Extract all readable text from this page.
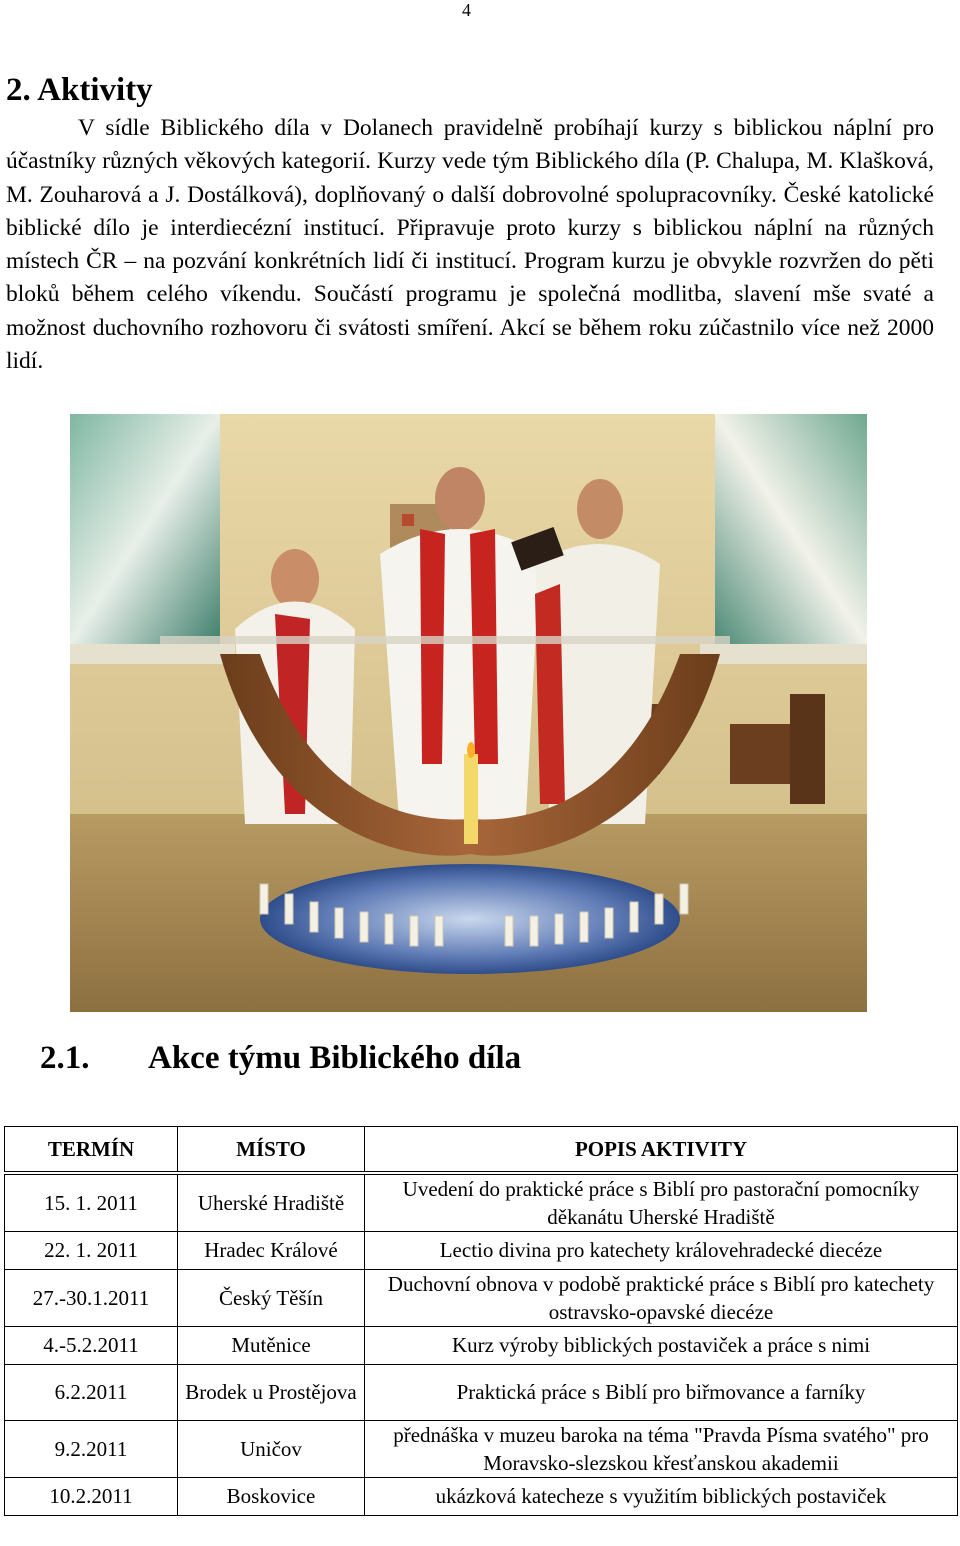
4
2. Aktivity
V sídle Biblického díla v Dolanech pravidelně probíhají kurzy s biblickou náplní pro účastníky různých věkových kategorií. Kurzy vede tým Biblického díla (P. Chalupa, M. Klašková, M. Zouharová a J. Dostálková), doplňovaný o další dobrovolné spolupracovníky. České katolické biblické dílo je interdiecézní institucí. Připravuje proto kurzy s biblickou náplní na různých místech ČR – na pozvání konkrétních lidí či institucí. Program kurzu je obvykle rozvržen do pěti bloků během celého víkendu. Součástí programu je společná modlitba, slavení mše svaté a možnost duchovního rozhovoru či svátosti smíření. Akcí se během roku zúčastnilo více než 2000 lidí.
2.1. Akce týmu Biblického díla
TERMÍN	MÍSTO	POPIS AKTIVITY
15. 1. 2011	Uherské Hradiště	Uvedení do praktické práce s Biblí pro pastorační pomocníky děkanátu Uherské Hradiště
22. 1. 2011	Hradec Králové	Lectio divina pro katechety královehradecké diecéze
27.-30.1.2011	Český Těšín	Duchovní obnova v podobě praktické práce s Biblí pro katechety ostravsko-opavské diecéze
4.-5.2.2011	Mutěnice	Kurz výroby biblických postaviček a práce s nimi
6.2.2011	Brodek u Prostějova	Praktická práce s Biblí pro biřmovance a farníky
9.2.2011	Uničov	přednáška v muzeu baroka na téma "Pravda Písma svatého" pro Moravsko-slezskou křesťanskou akademii
10.2.2011	Boskovice	ukázková katecheze s využitím biblických postaviček
